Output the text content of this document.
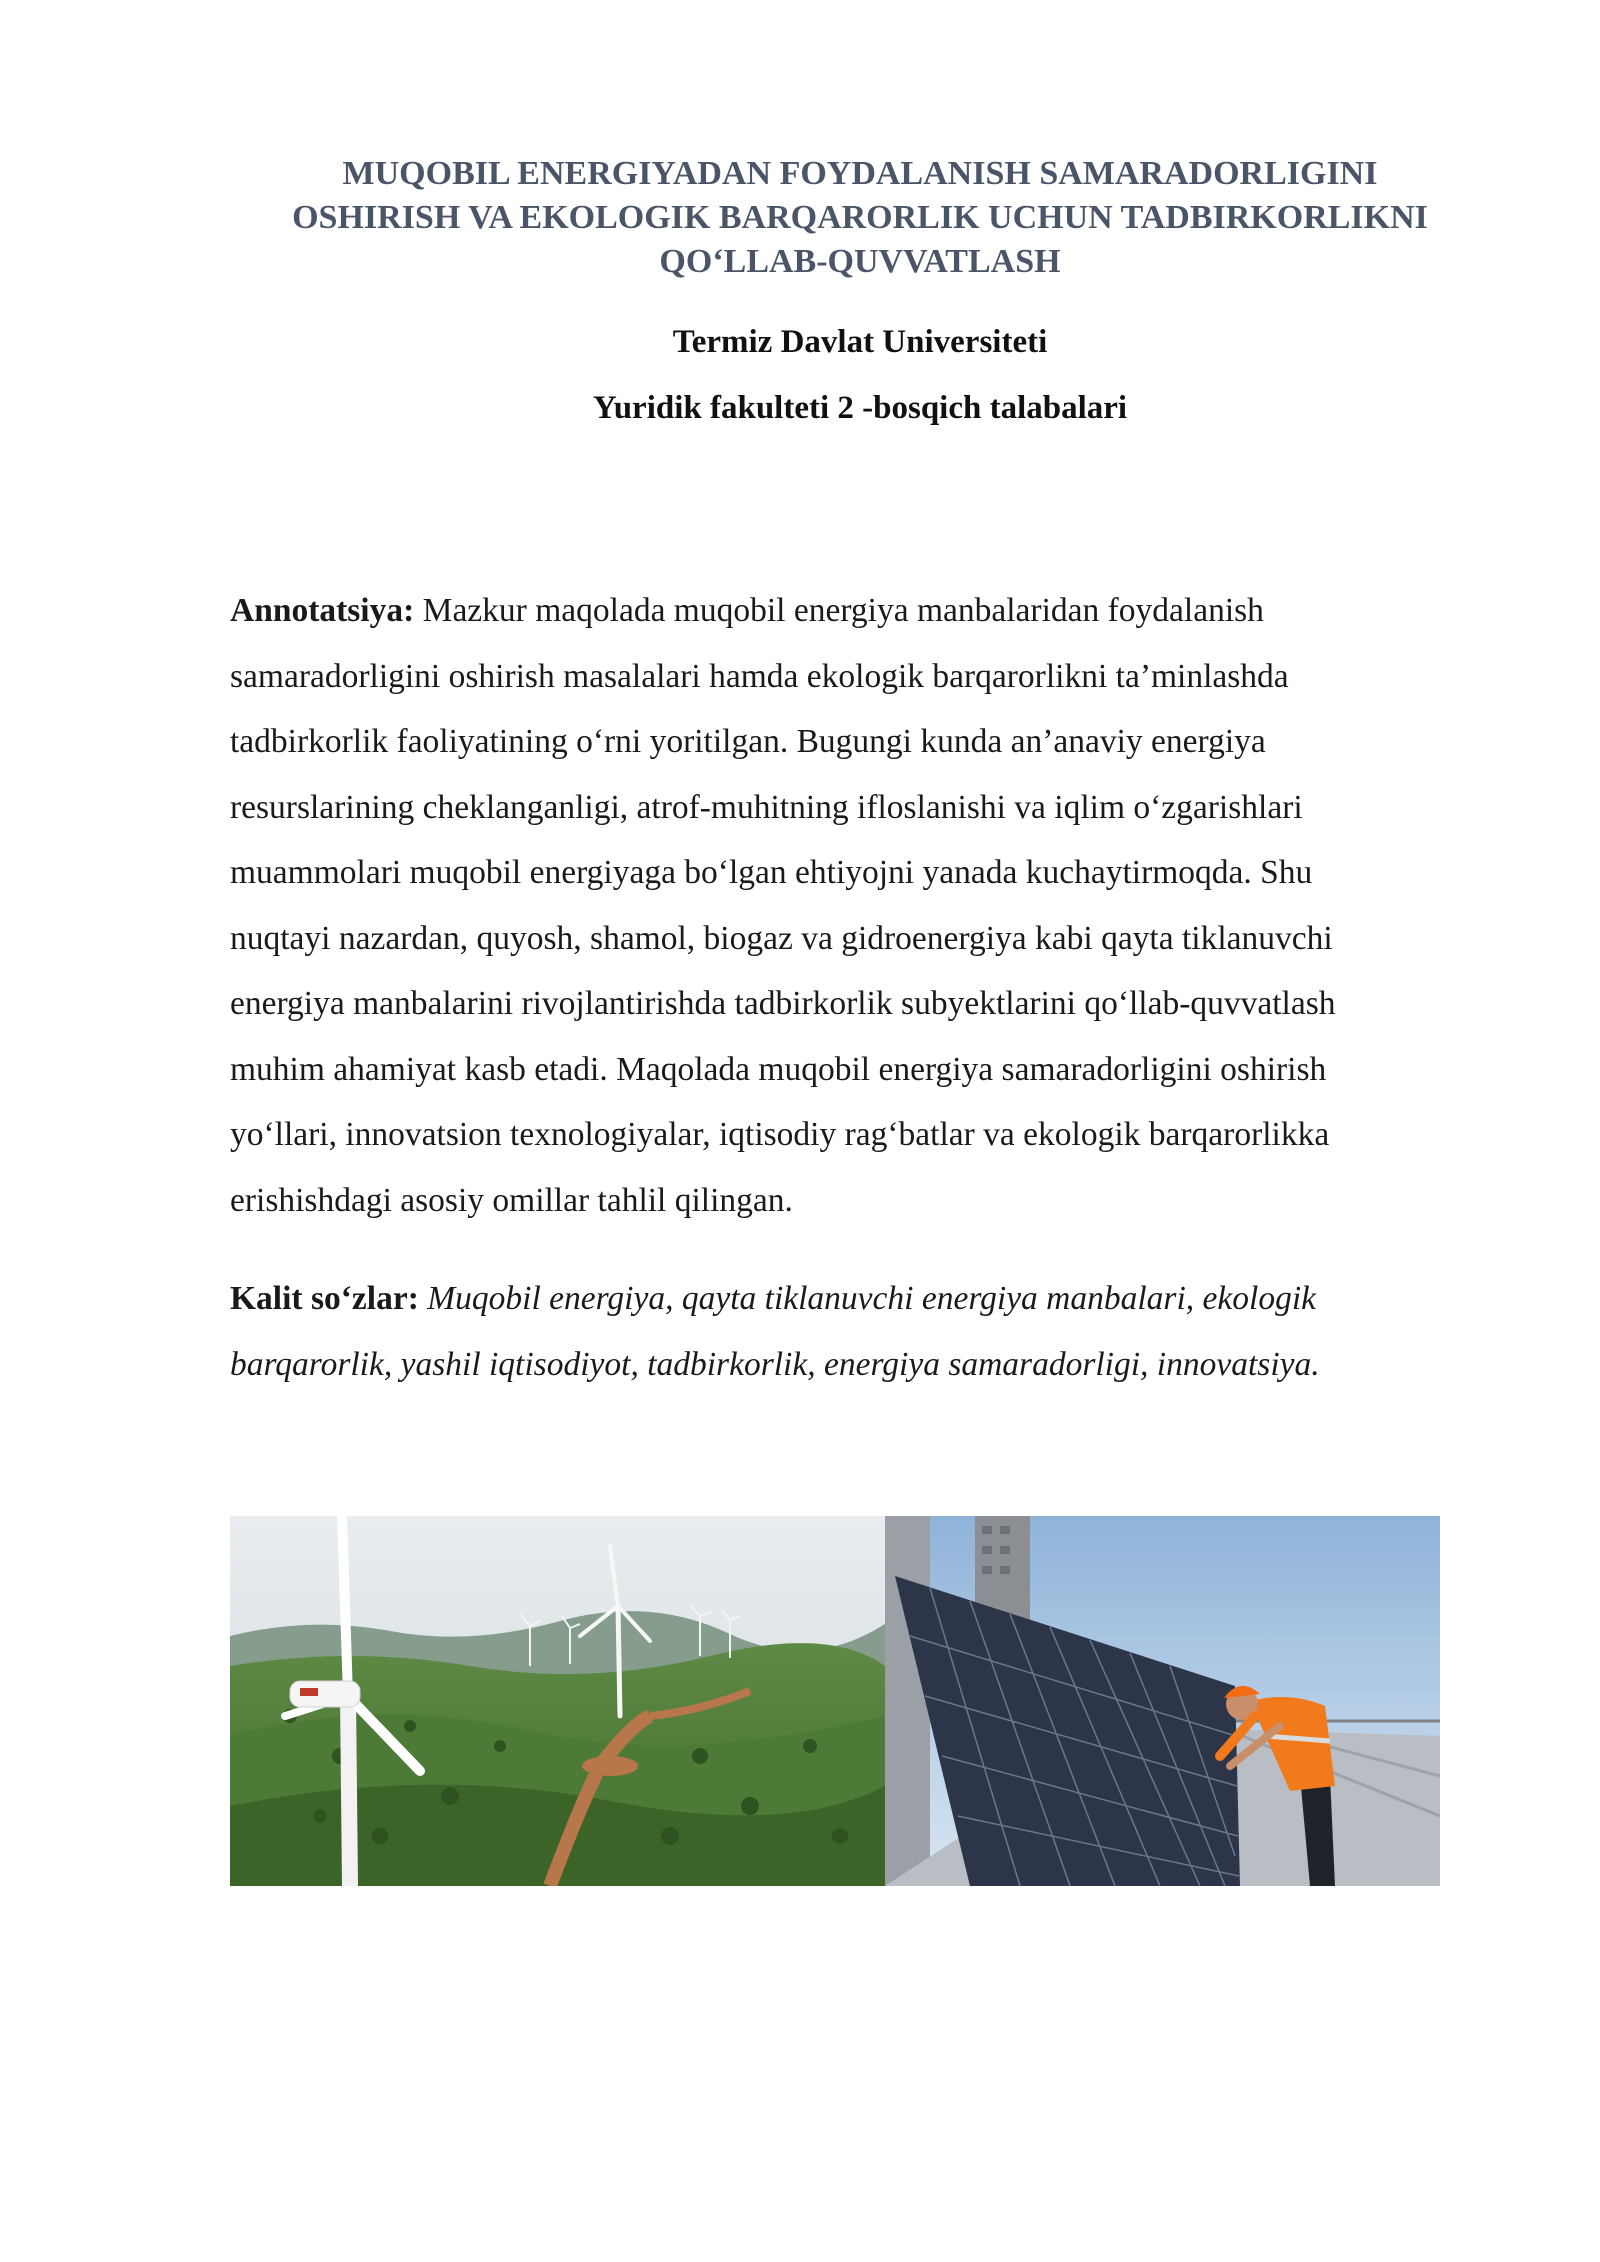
MUQOBIL ENERGIYADAN FOYDALANISH SAMARADORLIGINI
OSHIRISH VA EKOLOGIK BARQARORLIK UCHUN TADBIRKORLIKNI
QO‘LLAB-QUVVATLASH
Termiz Davlat Universiteti
Yuridik fakulteti 2 -bosqich talabalari
Annotatsiya: Mazkur maqolada muqobil energiya manbalaridan foydalanish
samaradorligini oshirish masalalari hamda ekologik barqarorlikni ta’minlashda
tadbirkorlik faoliyatining o‘rni yoritilgan. Bugungi kunda an’anaviy energiya
resurslarining cheklanganligi, atrof-muhitning ifloslanishi va iqlim o‘zgarishlari
muammolari muqobil energiyaga bo‘lgan ehtiyojni yanada kuchaytirmoqda. Shu
nuqtayi nazardan, quyosh, shamol, biogaz va gidroenergiya kabi qayta tiklanuvchi
energiya manbalarini rivojlantirishda tadbirkorlik subyektlarini qo‘llab-quvvatlash
muhim ahamiyat kasb etadi. Maqolada muqobil energiya samaradorligini oshirish
yo‘llari, innovatsion texnologiyalar, iqtisodiy rag‘batlar va ekologik barqarorlikka
erishishdagi asosiy omillar tahlil qilingan.
Kalit so‘zlar: Muqobil energiya, qayta tiklanuvchi energiya manbalari, ekologik
barqarorlik, yashil iqtisodiyot, tadbirkorlik, energiya samaradorligi, innovatsiya.
